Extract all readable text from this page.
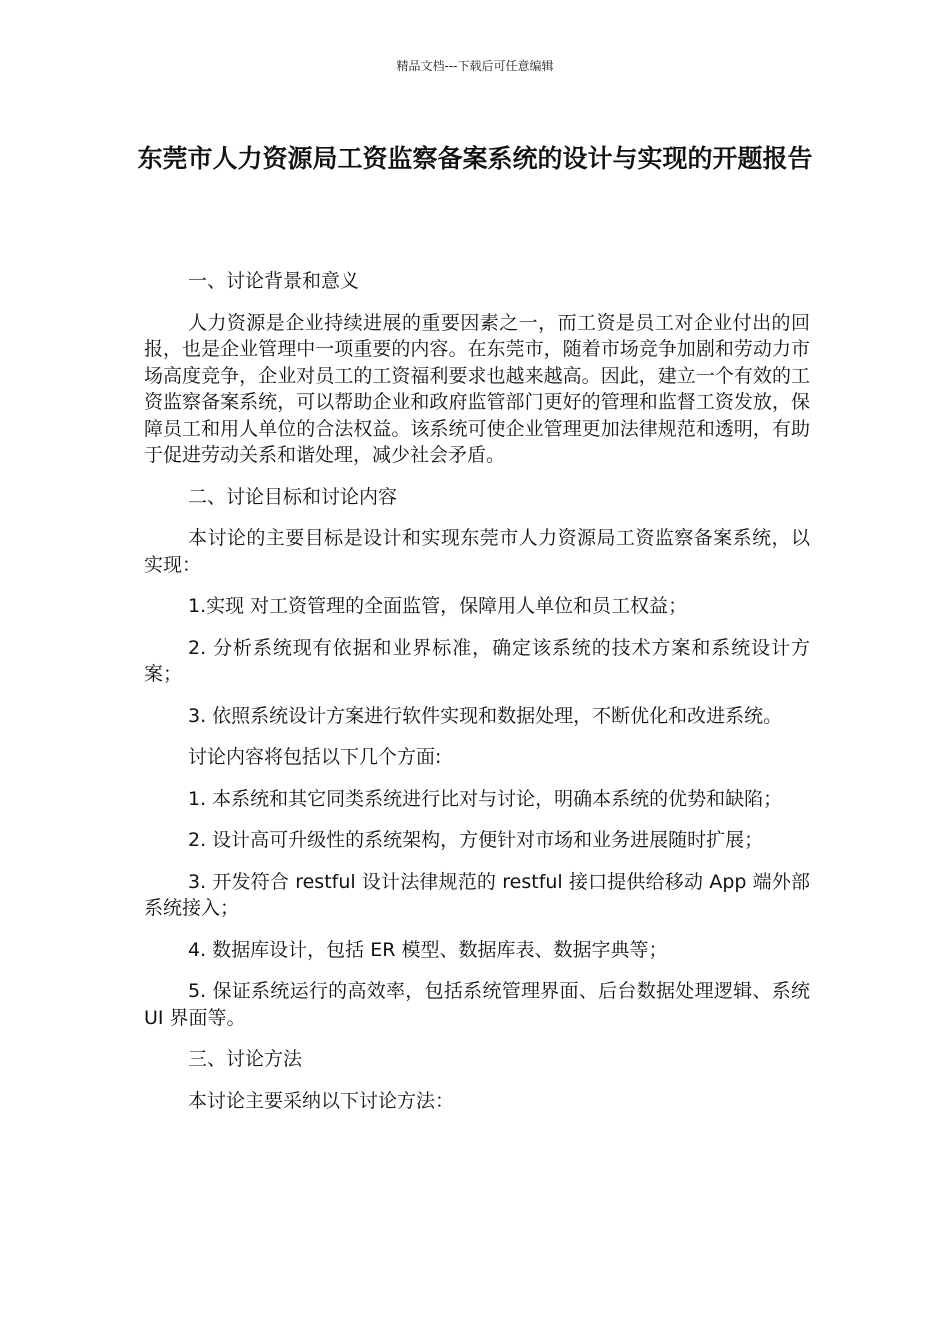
精品文档---下载后可任意编辑
东莞市人力资源局工资监察备案系统的设计与实现的开题报告

一、讨论背景和意义

人力资源是企业持续进展的重要因素之一，而工资是员工对企业付出的回报，也是企业管理中一项重要的内容。在东莞市，随着市场竞争加剧和劳动力市场高度竞争，企业对员工的工资福利要求也越来越高。因此，建立一个有效的工资监察备案系统，可以帮助企业和政府监管部门更好的管理和监督工资发放，保障员工和用人单位的合法权益。该系统可使企业管理更加法律规范和透明，有助于促进劳动关系和谐处理，减少社会矛盾。

二、讨论目标和讨论内容

本讨论的主要目标是设计和实现东莞市人力资源局工资监察备案系统，以实现：

1.实现 对工资管理的全面监管，保障用人单位和员工权益；

2. 分析系统现有依据和业界标准，确定该系统的技术方案和系统设计方案；

3. 依照系统设计方案进行软件实现和数据处理，不断优化和改进系统。

讨论内容将包括以下几个方面:

1. 本系统和其它同类系统进行比对与讨论，明确本系统的优势和缺陷；

2. 设计高可升级性的系统架构，方便针对市场和业务进展随时扩展；

3. 开发符合 restful 设计法律规范的 restful 接口提供给移动 App 端外部系统接入；

4. 数据库设计，包括 ER 模型、数据库表、数据字典等；

5. 保证系统运行的高效率，包括系统管理界面、后台数据处理逻辑、系统 UI 界面等。

三、讨论方法

本讨论主要采纳以下讨论方法：
